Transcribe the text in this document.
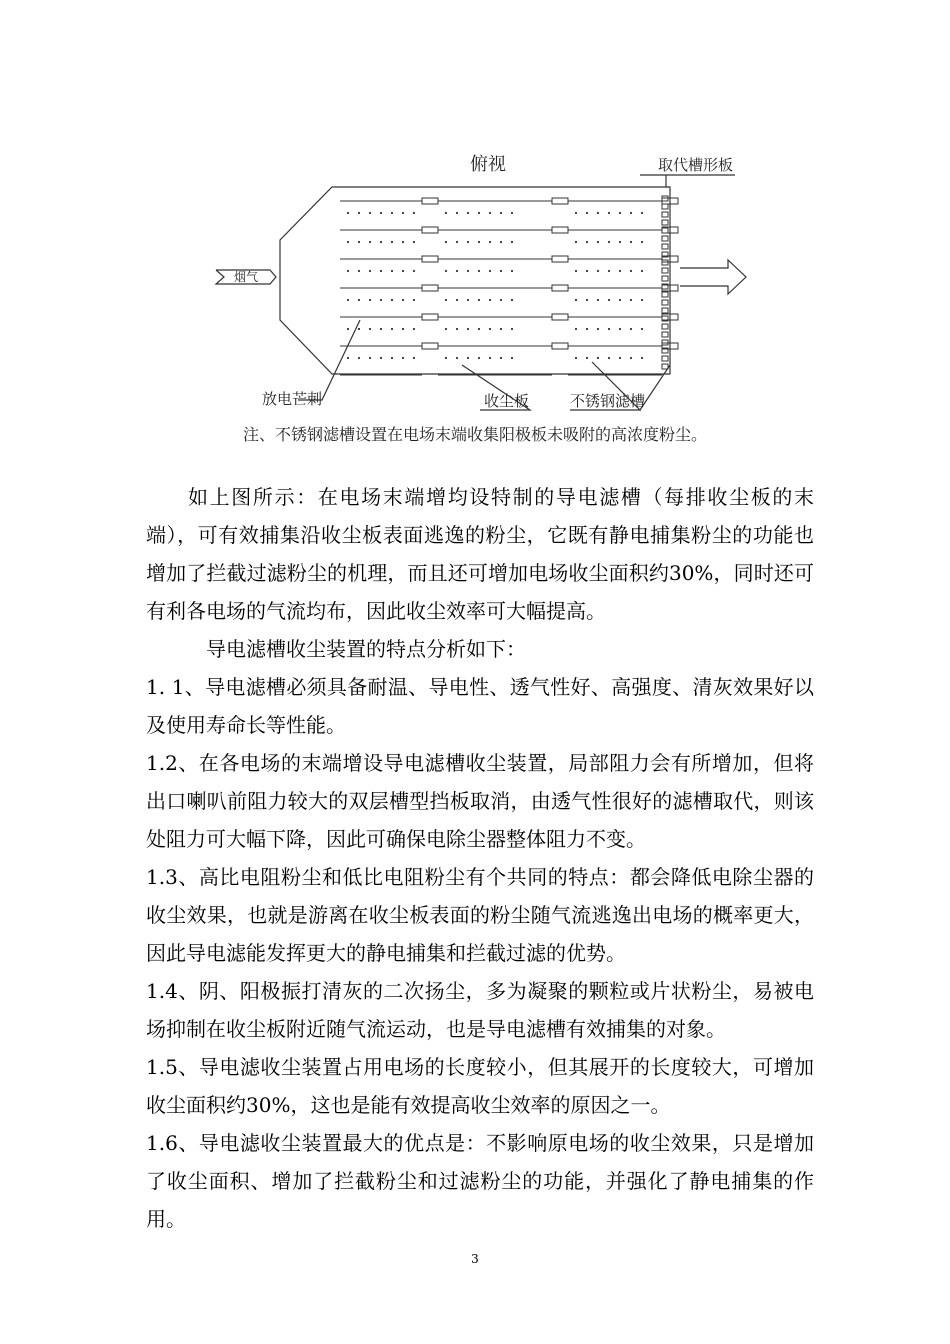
俯视	取代槽形板
烟气
放电芒刺	收尘板	不锈钢滤槽
注、不锈钢滤槽设置在电场末端收集阳极板未吸附的高浓度粉尘。

如上图所示：在电场末端增均设特制的导电滤槽（每排收尘板的末端），可有效捕集沿收尘板表面逃逸的粉尘，它既有静电捕集粉尘的功能也增加了拦截过滤粉尘的机理，而且还可增加电场收尘面积约30%，同时还可有利各电场的气流均布，因此收尘效率可大幅提高。

导电滤槽收尘装置的特点分析如下：

1. 1、导电滤槽必须具备耐温、导电性、透气性好、高强度、清灰效果好以及使用寿命长等性能。

1.2、在各电场的末端增设导电滤槽收尘装置，局部阻力会有所增加，但将出口喇叭前阻力较大的双层槽型挡板取消，由透气性很好的滤槽取代，则该处阻力可大幅下降，因此可确保电除尘器整体阻力不变。

1.3、高比电阻粉尘和低比电阻粉尘有个共同的特点：都会降低电除尘器的收尘效果，也就是游离在收尘板表面的粉尘随气流逃逸出电场的概率更大，因此导电滤能发挥更大的静电捕集和拦截过滤的优势。

1.4、阴、阳极振打清灰的二次扬尘，多为凝聚的颗粒或片状粉尘，易被电场抑制在收尘板附近随气流运动，也是导电滤槽有效捕集的对象。

1.5、导电滤收尘装置占用电场的长度较小，但其展开的长度较大，可增加收尘面积约30%，这也是能有效提高收尘效率的原因之一。

1.6、导电滤收尘装置最大的优点是：不影响原电场的收尘效果，只是增加了收尘面积、增加了拦截粉尘和过滤粉尘的功能，并强化了静电捕集的作用。

3
